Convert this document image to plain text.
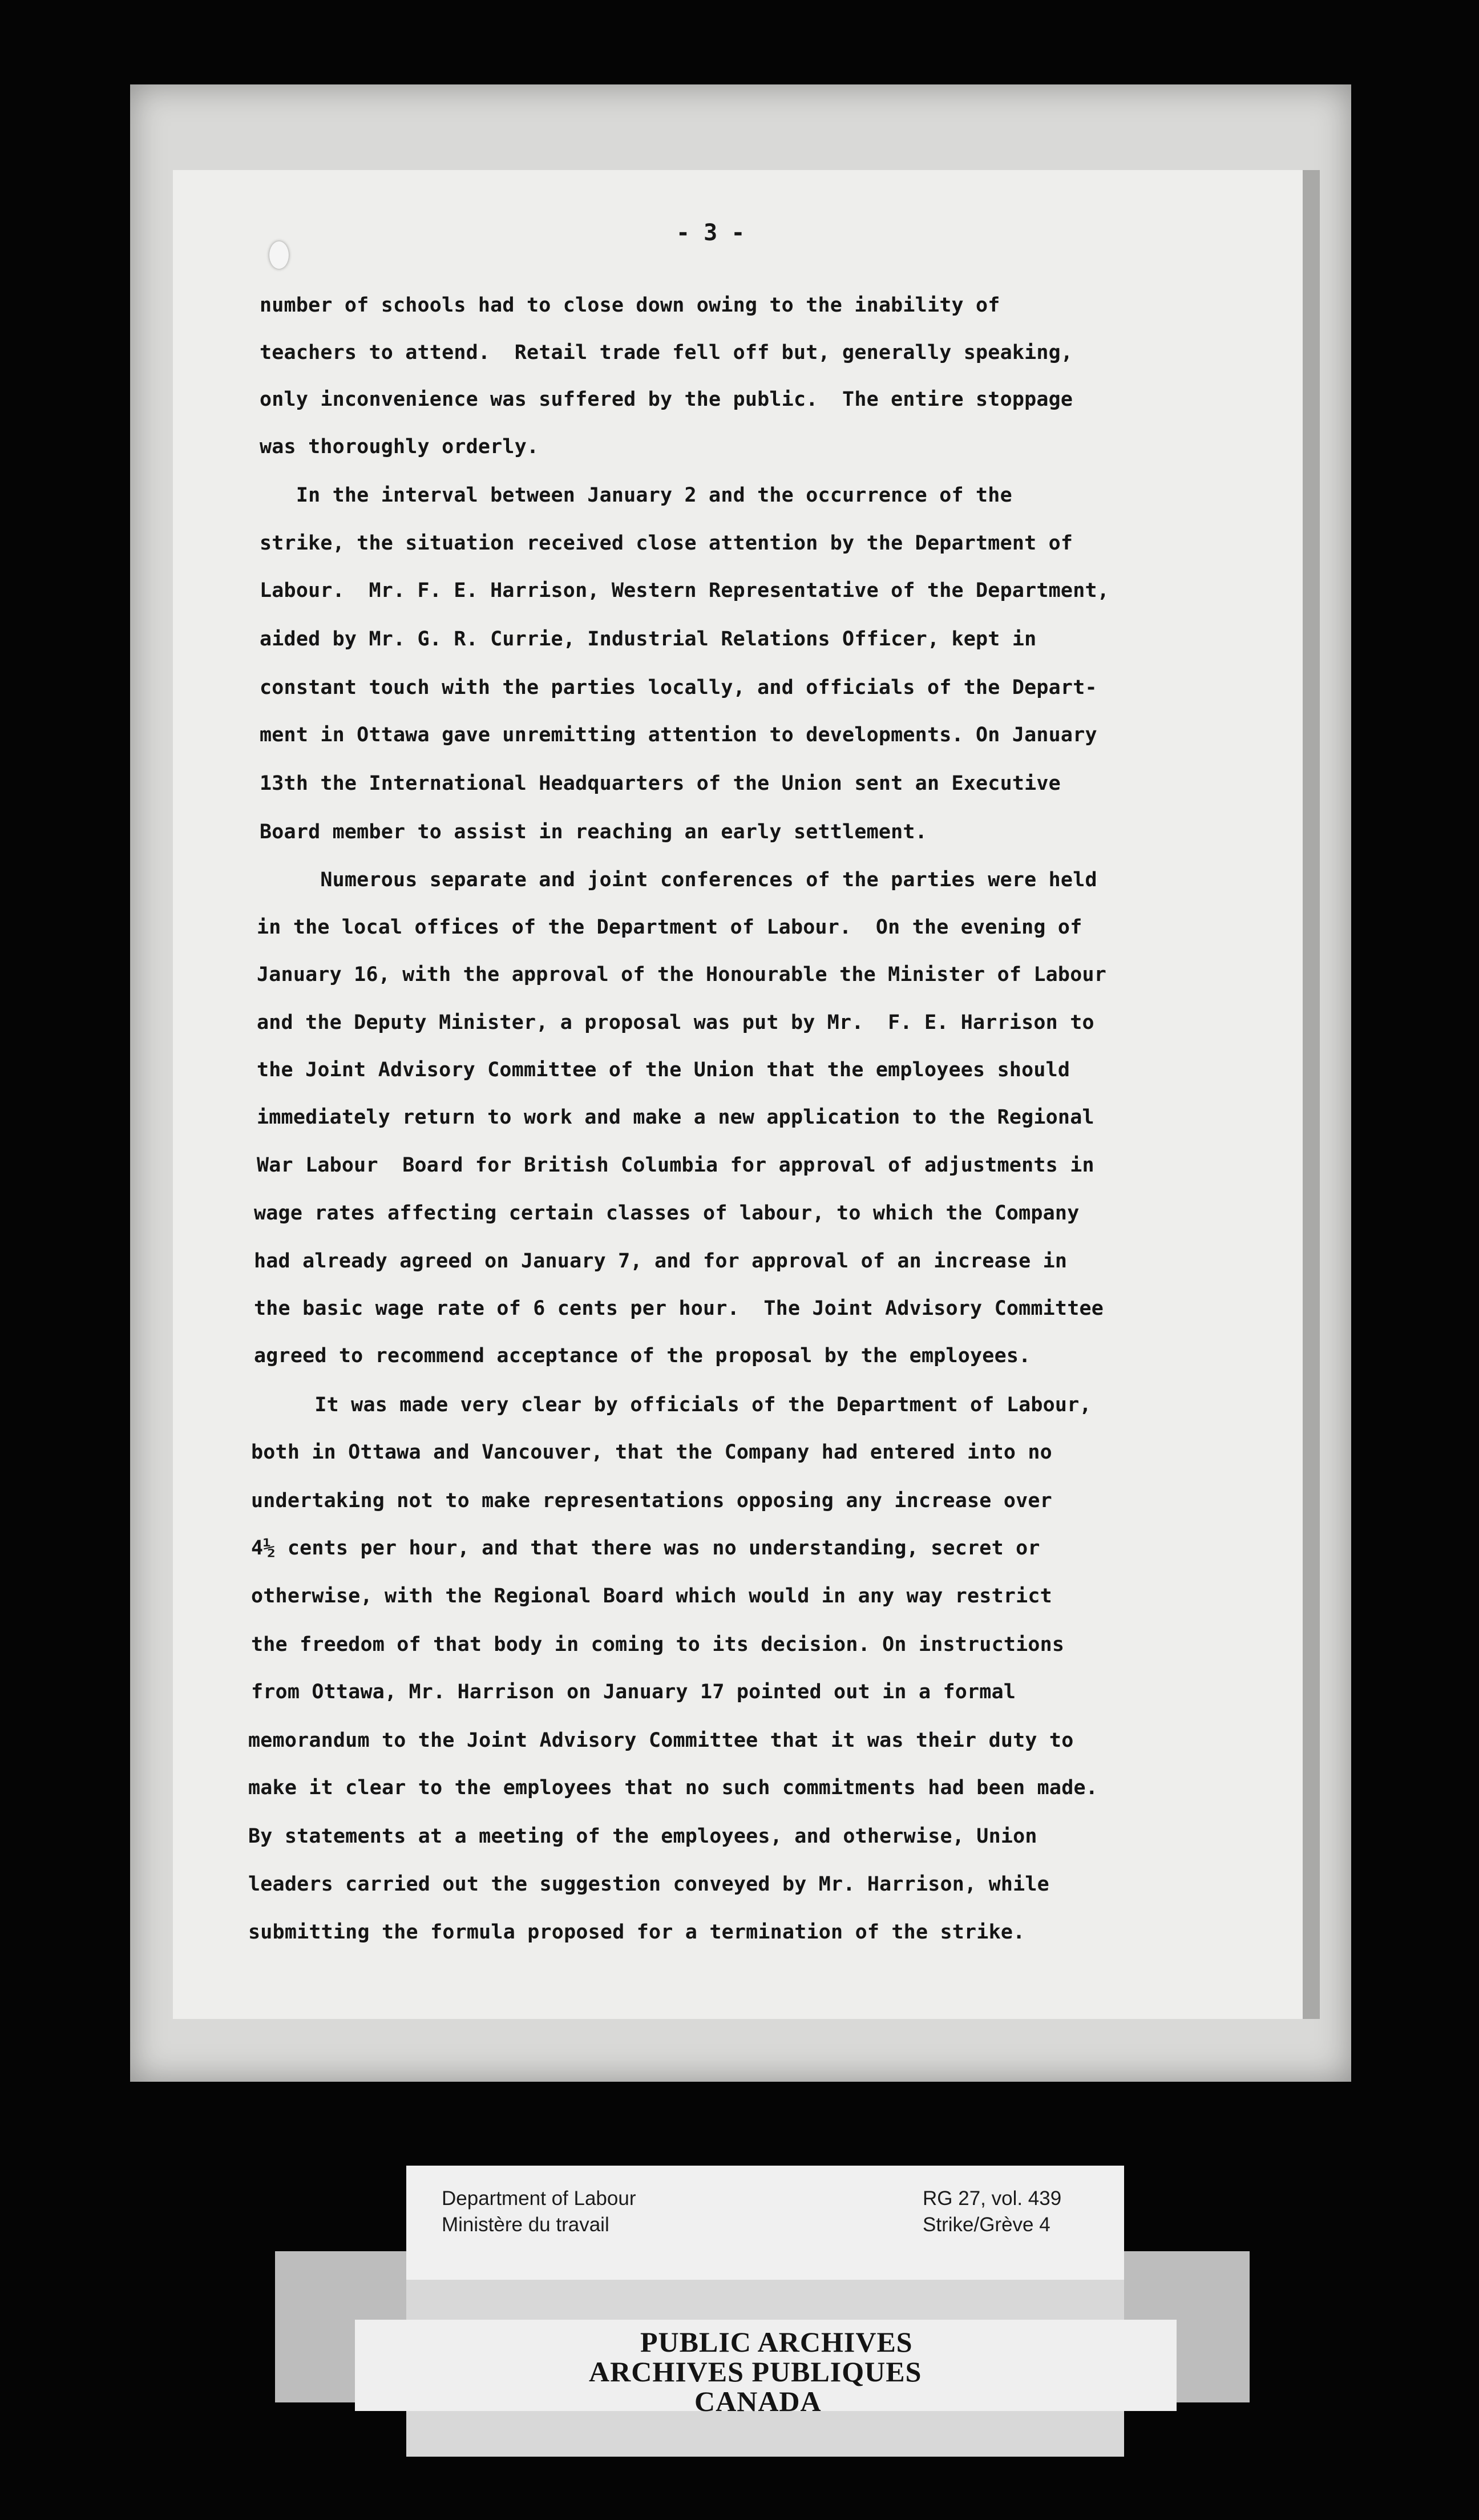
- 3 -
number of schools had to close down owing to the inability of
teachers to attend.  Retail trade fell off but, generally speaking,
only inconvenience was suffered by the public.  The entire stoppage
was thoroughly orderly.
In the interval between January 2 and the occurrence of the
strike, the situation received close attention by the Department of
Labour.  Mr. F. E. Harrison, Western Representative of the Department,
aided by Mr. G. R. Currie, Industrial Relations Officer, kept in
constant touch with the parties locally, and officials of the Depart-
ment in Ottawa gave unremitting attention to developments. On January
13th the International Headquarters of the Union sent an Executive
Board member to assist in reaching an early settlement.
Numerous separate and joint conferences of the parties were held
in the local offices of the Department of Labour.  On the evening of
January 16, with the approval of the Honourable the Minister of Labour
and the Deputy Minister, a proposal was put by Mr.  F. E. Harrison to
the Joint Advisory Committee of the Union that the employees should
immediately return to work and make a new application to the Regional
War Labour  Board for British Columbia for approval of adjustments in
wage rates affecting certain classes of labour, to which the Company
had already agreed on January 7, and for approval of an increase in
the basic wage rate of 6 cents per hour.  The Joint Advisory Committee
agreed to recommend acceptance of the proposal by the employees.
It was made very clear by officials of the Department of Labour,
both in Ottawa and Vancouver, that the Company had entered into no
undertaking not to make representations opposing any increase over
4½ cents per hour, and that there was no understanding, secret or
otherwise, with the Regional Board which would in any way restrict
the freedom of that body in coming to its decision. On instructions
from Ottawa, Mr. Harrison on January 17 pointed out in a formal
memorandum to the Joint Advisory Committee that it was their duty to
make it clear to the employees that no such commitments had been made.
By statements at a meeting of the employees, and otherwise, Union
leaders carried out the suggestion conveyed by Mr. Harrison, while
submitting the formula proposed for a termination of the strike.
Department of Labour
Ministère du travail
RG 27, vol. 439
Strike/Grève 4
PUBLIC ARCHIVES
ARCHIVES PUBLIQUES
CANADA
